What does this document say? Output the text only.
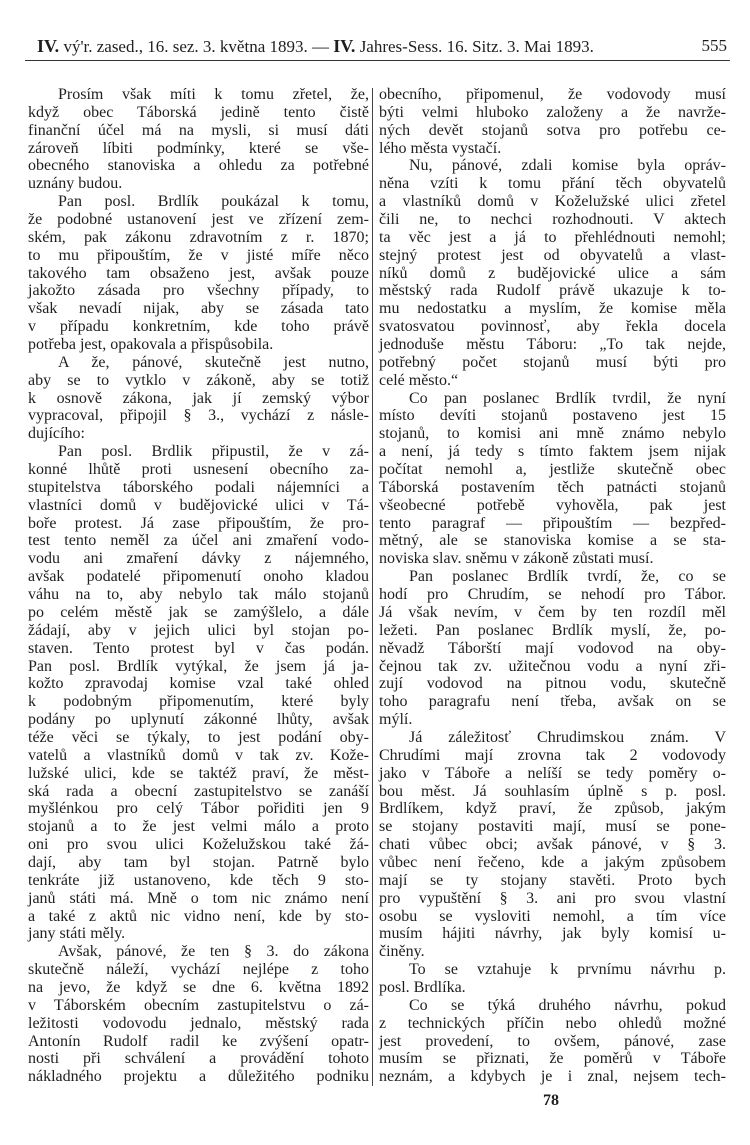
IV. vý'r. zased., 16. sez. 3. května 1893. — IV. Jahres-Sess. 16. Sitz. 3. Mai 1893.	555
Prosím však míti k tomu zřetel, že,
když obec Táborská jedině tento čistě
finanční účel má na mysli, si musí dáti
zároveň líbiti podmínky, které se vše-
obecného stanoviska a ohledu za potřebné
uznány budou.
Pan posl. Brdlík poukázal k tomu,
že podobné ustanovení jest ve zřízení zem-
ském, pak zákonu zdravotním z r. 1870;
to mu připouštím, že v jisté míře něco
takového tam obsaženo jest, avšak pouze
jakožto zásada pro všechny případy, to
však nevadí nijak, aby se zásada tato
v případu konkretním, kde toho právě
potřeba jest, opakovala a přispůsobila.
A že, pánové, skutečně jest nutno,
aby se to vytklo v zákoně, aby se totiž
k osnově zákona, jak jí zemský výbor
vypracoval, připojil § 3., vychází z násle-
dujícího:
Pan posl. Brdlik připustil, že v zá-
konné lhůtě proti usnesení obecního za-
stupitelstva táborského podali nájemníci a
vlastníci domů v budějovické ulici v Tá-
boře protest. Já zase připouštím, že pro-
test tento neměl za účel ani zmaření vodo-
vodu ani zmaření dávky z nájemného,
avšak podatelé připomenutí onoho kladou
váhu na to, aby nebylo tak málo stojanů
po celém městě jak se zamýšlelo, a dále
žádají, aby v jejich ulici byl stojan po-
staven. Tento protest byl v čas podán.
Pan posl. Brdlík vytýkal, že jsem já ja-
kožto zpravodaj komise vzal také ohled
k podobným připomenutím, které byly
podány po uplynutí zákonné lhůty, avšak
téže věci se týkaly, to jest podání oby-
vatelů a vlastníků domů v tak zv. Kože-
lužské ulici, kde se taktéž praví, že měst-
ská rada a obecní zastupitelstvo se zanáší
myšlénkou pro celý Tábor pořiditi jen 9
stojanů a to že jest velmi málo a proto
oni pro svou ulici Koželužskou také žá-
dají, aby tam byl stojan. Patrně bylo
tenkráte již ustanoveno, kde těch 9 sto-
janů státi má. Mně o tom nic známo není
a také z aktů nic vidno není, kde by sto-
jany státi měly.
Avšak, pánové, že ten § 3. do zákona
skutečně náleží, vychází nejlépe z toho
na jevo, že když se dne 6. května 1892
v Táborském obecním zastupitelstvu o zá-
ležitosti vodovodu jednalo, městský rada
Antonín Rudolf radil ke zvýšení opatr-
nosti při schválení a provádění tohoto
nákladného projektu a důležitého podniku
obecního, připomenul, že vodovody musí
býti velmi hluboko založeny a že navrže-
ných devět stojanů sotva pro potřebu ce-
lého města vystačí.
Nu, pánové, zdali komise byla opráv-
něna vzíti k tomu přání těch obyvatelů
a vlastníků domů v Koželužské ulici zřetel
čili ne, to nechci rozhodnouti. V aktech
ta věc jest a já to přehlédnouti nemohl;
stejný protest jest od obyvatelů a vlast-
níků domů z budějovické ulice a sám
městský rada Rudolf právě ukazuje k to-
mu nedostatku a myslím, že komise měla
svatosvatou povinnosť, aby řekla docela
jednoduše městu Táboru: „To tak nejde,
potřebný počet stojanů musí býti pro
celé město.“
Co pan poslanec Brdlík tvrdil, že nyní
místo devíti stojanů postaveno jest 15
stojanů, to komisi ani mně známo nebylo
a není, já tedy s tímto faktem jsem nijak
počítat nemohl a, jestliže skutečně obec
Táborská postavením těch patnácti stojanů
všeobecné potřebě vyhověla, pak jest
tento paragraf — připouštím — bezpřed-
mětný, ale se stanoviska komise a se sta-
noviska slav. sněmu v zákoně zůstati musí.
Pan poslanec Brdlík tvrdí, že, co se
hodí pro Chrudím, se nehodí pro Tábor.
Já však nevím, v čem by ten rozdíl měl
ležeti. Pan poslanec Brdlík myslí, že, po-
něvadž Táborští mají vodovod na oby-
čejnou tak zv. užitečnou vodu a nyní zři-
zují vodovod na pitnou vodu, skutečně
toho paragrafu není třeba, avšak on se
mýlí.
Já záležitosť Chrudimskou znám. V
Chrudími mají zrovna tak 2 vodovody
jako v Táboře a nelíší se tedy poměry o-
bou měst. Já souhlasím úplně s p. posl.
Brdlíkem, když praví, že způsob, jakým
se stojany postaviti mají, musí se pone-
chati vůbec obci; avšak pánové, v § 3.
vůbec není řečeno, kde a jakým způsobem
mají se ty stojany stavěti. Proto bych
pro vypuštění § 3. ani pro svou vlastní
osobu se vysloviti nemohl, a tím více
musím hájiti návrhy, jak byly komisí u-
činěny.
To se vztahuje k prvnímu návrhu p.
posl. Brdlíka.
Co se týká druhého návrhu, pokud
z technických příčin nebo ohledů možné
jest provedení, to ovšem, pánové, zase
musím se přiznati, že poměrů v Táboře
neznám, a kdybych je i znal, nejsem tech-
78
